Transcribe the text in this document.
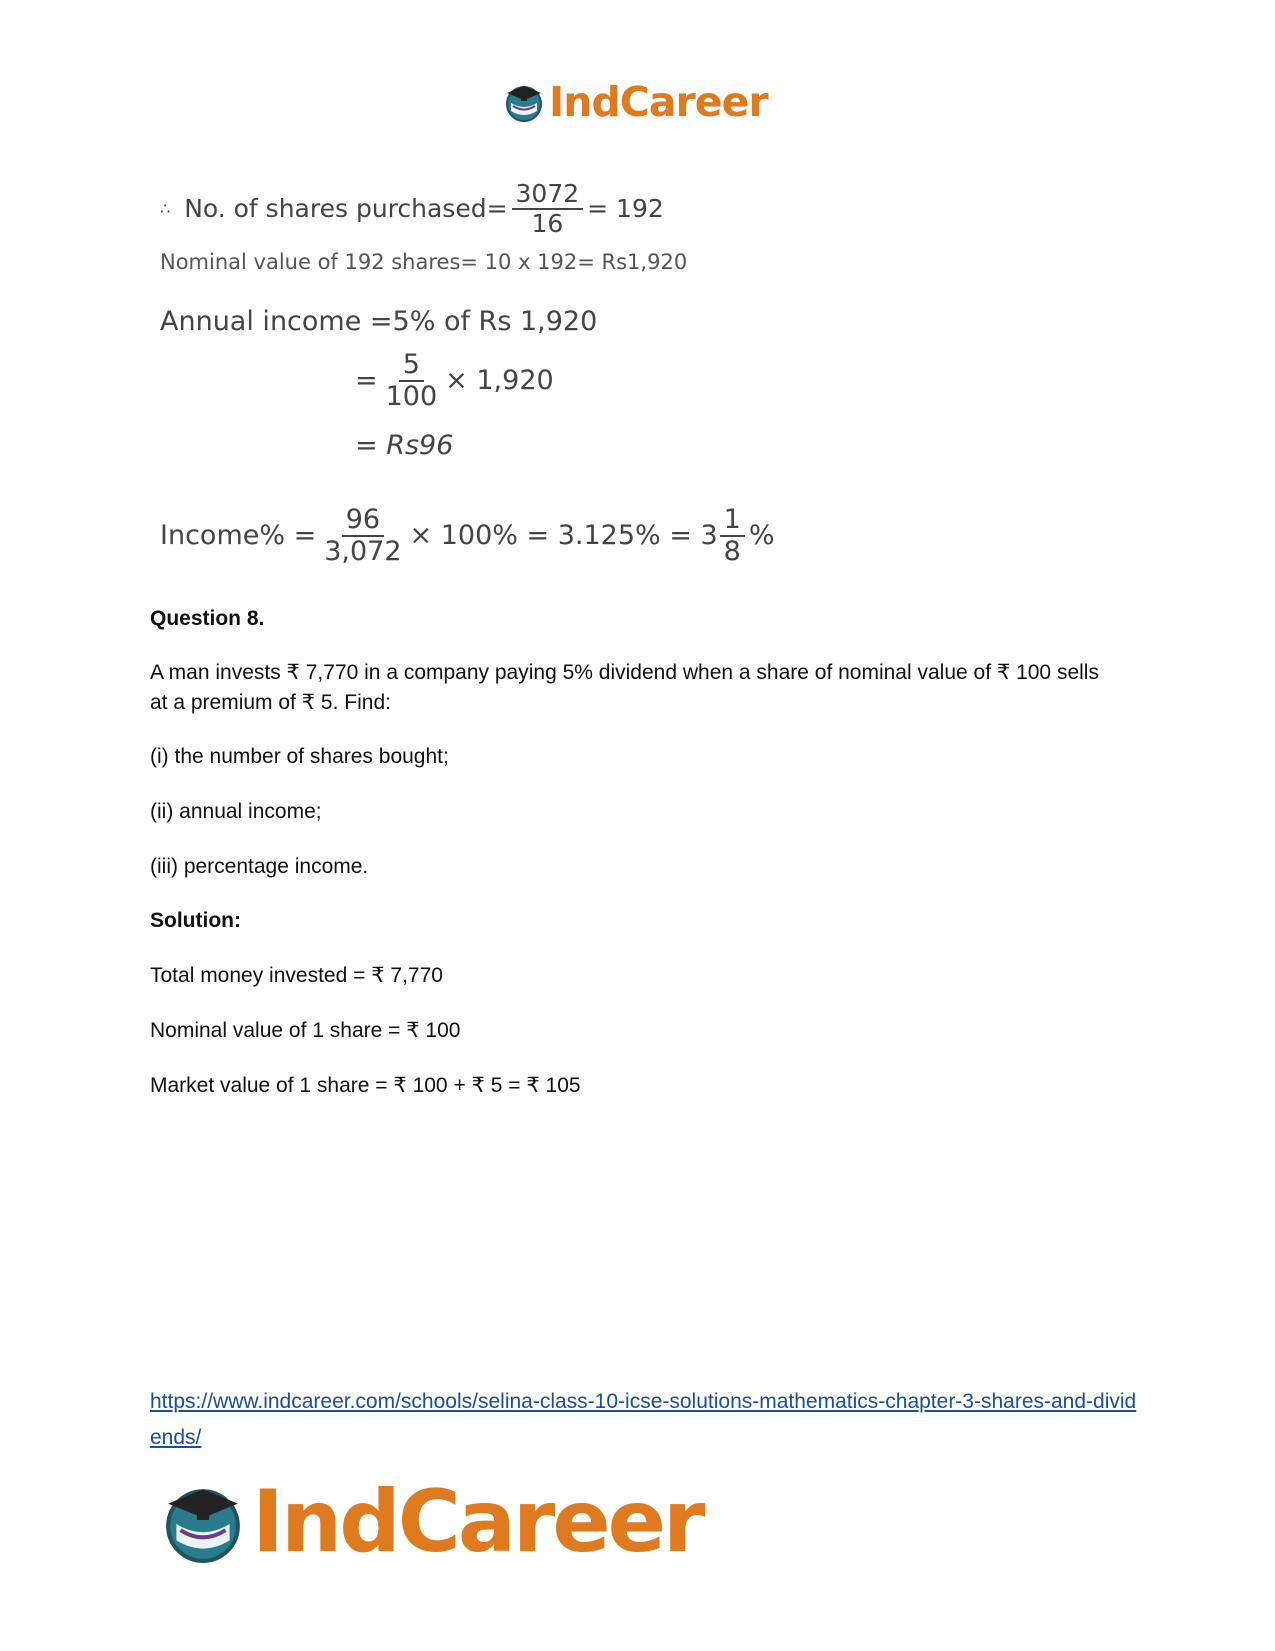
IndCareer
∴ No. of shares purchased= $\frac{3072}{16} = 192$
Nominal value of 192 shares= 10 x 192= Rs1,920
Annual income =5% of Rs 1,920
= $\frac{5}{100} \times 1,920$
= Rs96
Income% = $\frac{96}{3,072} \times 100\% = 3.125\% = 3 \frac{1}{8}$ %
Question 8.
A man invests ₹ 7,770 in a company paying 5% dividend when a share of nominal value of ₹ 100 sells at a premium of ₹ 5. Find:
(i) the number of shares bought;
(ii) annual income;
(iii) percentage income.
Solution:
Total money invested = ₹ 7,770
Nominal value of 1 share = ₹ 100
Market value of 1 share = ₹ 100 + ₹ 5 = ₹ 105
https://www.indcareer.com/schools/selina-class-10-icse-solutions-mathematics-chapter-3-shares-and-dividends/
IndCareer
